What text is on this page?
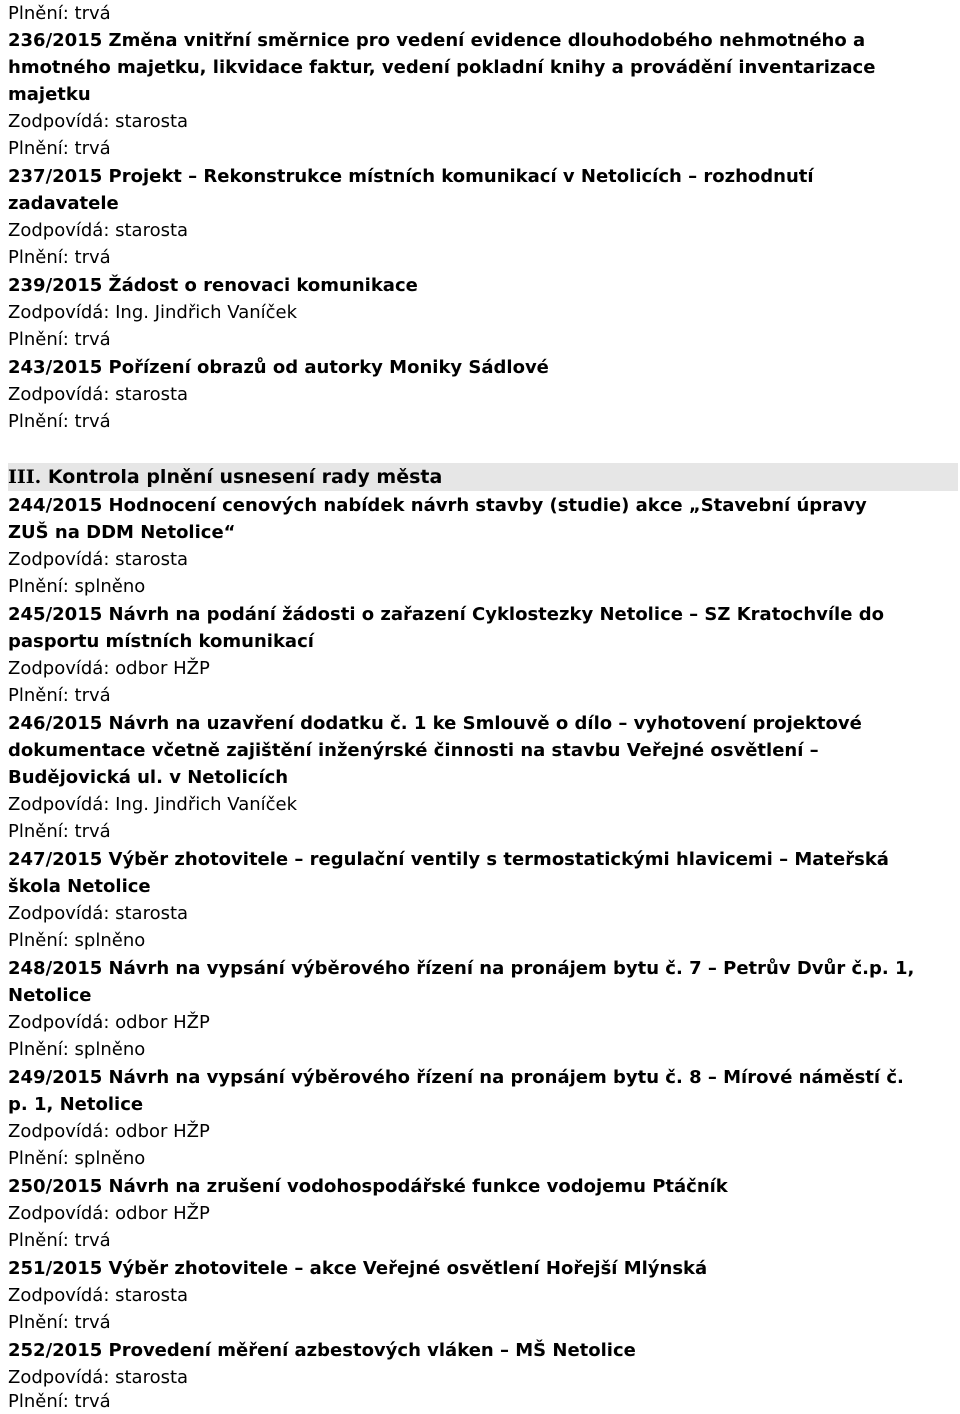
Plnění: trvá
236/2015 Změna vnitřní směrnice pro vedení evidence dlouhodobého nehmotného a
hmotného majetku, likvidace faktur, vedení pokladní knihy a provádění inventarizace
majetku
Zodpovídá: starosta
Plnění: trvá
237/2015 Projekt – Rekonstrukce místních komunikací v Netolicích – rozhodnutí
zadavatele
Zodpovídá: starosta
Plnění: trvá
239/2015 Žádost o renovaci komunikace
Zodpovídá: Ing. Jindřich Vaníček
Plnění: trvá
243/2015 Pořízení obrazů od autorky Moniky Sádlové
Zodpovídá: starosta
Plnění: trvá
III. Kontrola plnění usnesení rady města
244/2015 Hodnocení cenových nabídek návrh stavby (studie) akce „Stavební úpravy
ZUŠ na DDM Netolice“
Zodpovídá: starosta
Plnění: splněno
245/2015 Návrh na podání žádosti o zařazení Cyklostezky Netolice – SZ Kratochvíle do
pasportu místních komunikací
Zodpovídá: odbor HŽP
Plnění: trvá
246/2015 Návrh na uzavření dodatku č. 1 ke Smlouvě o dílo – vyhotovení projektové
dokumentace včetně zajištění inženýrské činnosti na stavbu Veřejné osvětlení –
Budějovická ul. v Netolicích
Zodpovídá: Ing. Jindřich Vaníček
Plnění: trvá
247/2015 Výběr zhotovitele – regulační ventily s termostatickými hlavicemi – Mateřská
škola Netolice
Zodpovídá: starosta
Plnění: splněno
248/2015 Návrh na vypsání výběrového řízení na pronájem bytu č. 7 – Petrův Dvůr č.p. 1,
Netolice
Zodpovídá: odbor HŽP
Plnění: splněno
249/2015 Návrh na vypsání výběrového řízení na pronájem bytu č. 8 – Mírové náměstí č.
p. 1, Netolice
Zodpovídá: odbor HŽP
Plnění: splněno
250/2015 Návrh na zrušení vodohospodářské funkce vodojemu Ptáčník
Zodpovídá: odbor HŽP
Plnění: trvá
251/2015 Výběr zhotovitele – akce Veřejné osvětlení Hořejší Mlýnská
Zodpovídá: starosta
Plnění: trvá
252/2015 Provedení měření azbestových vláken – MŠ Netolice
Zodpovídá: starosta
Plnění: trvá
